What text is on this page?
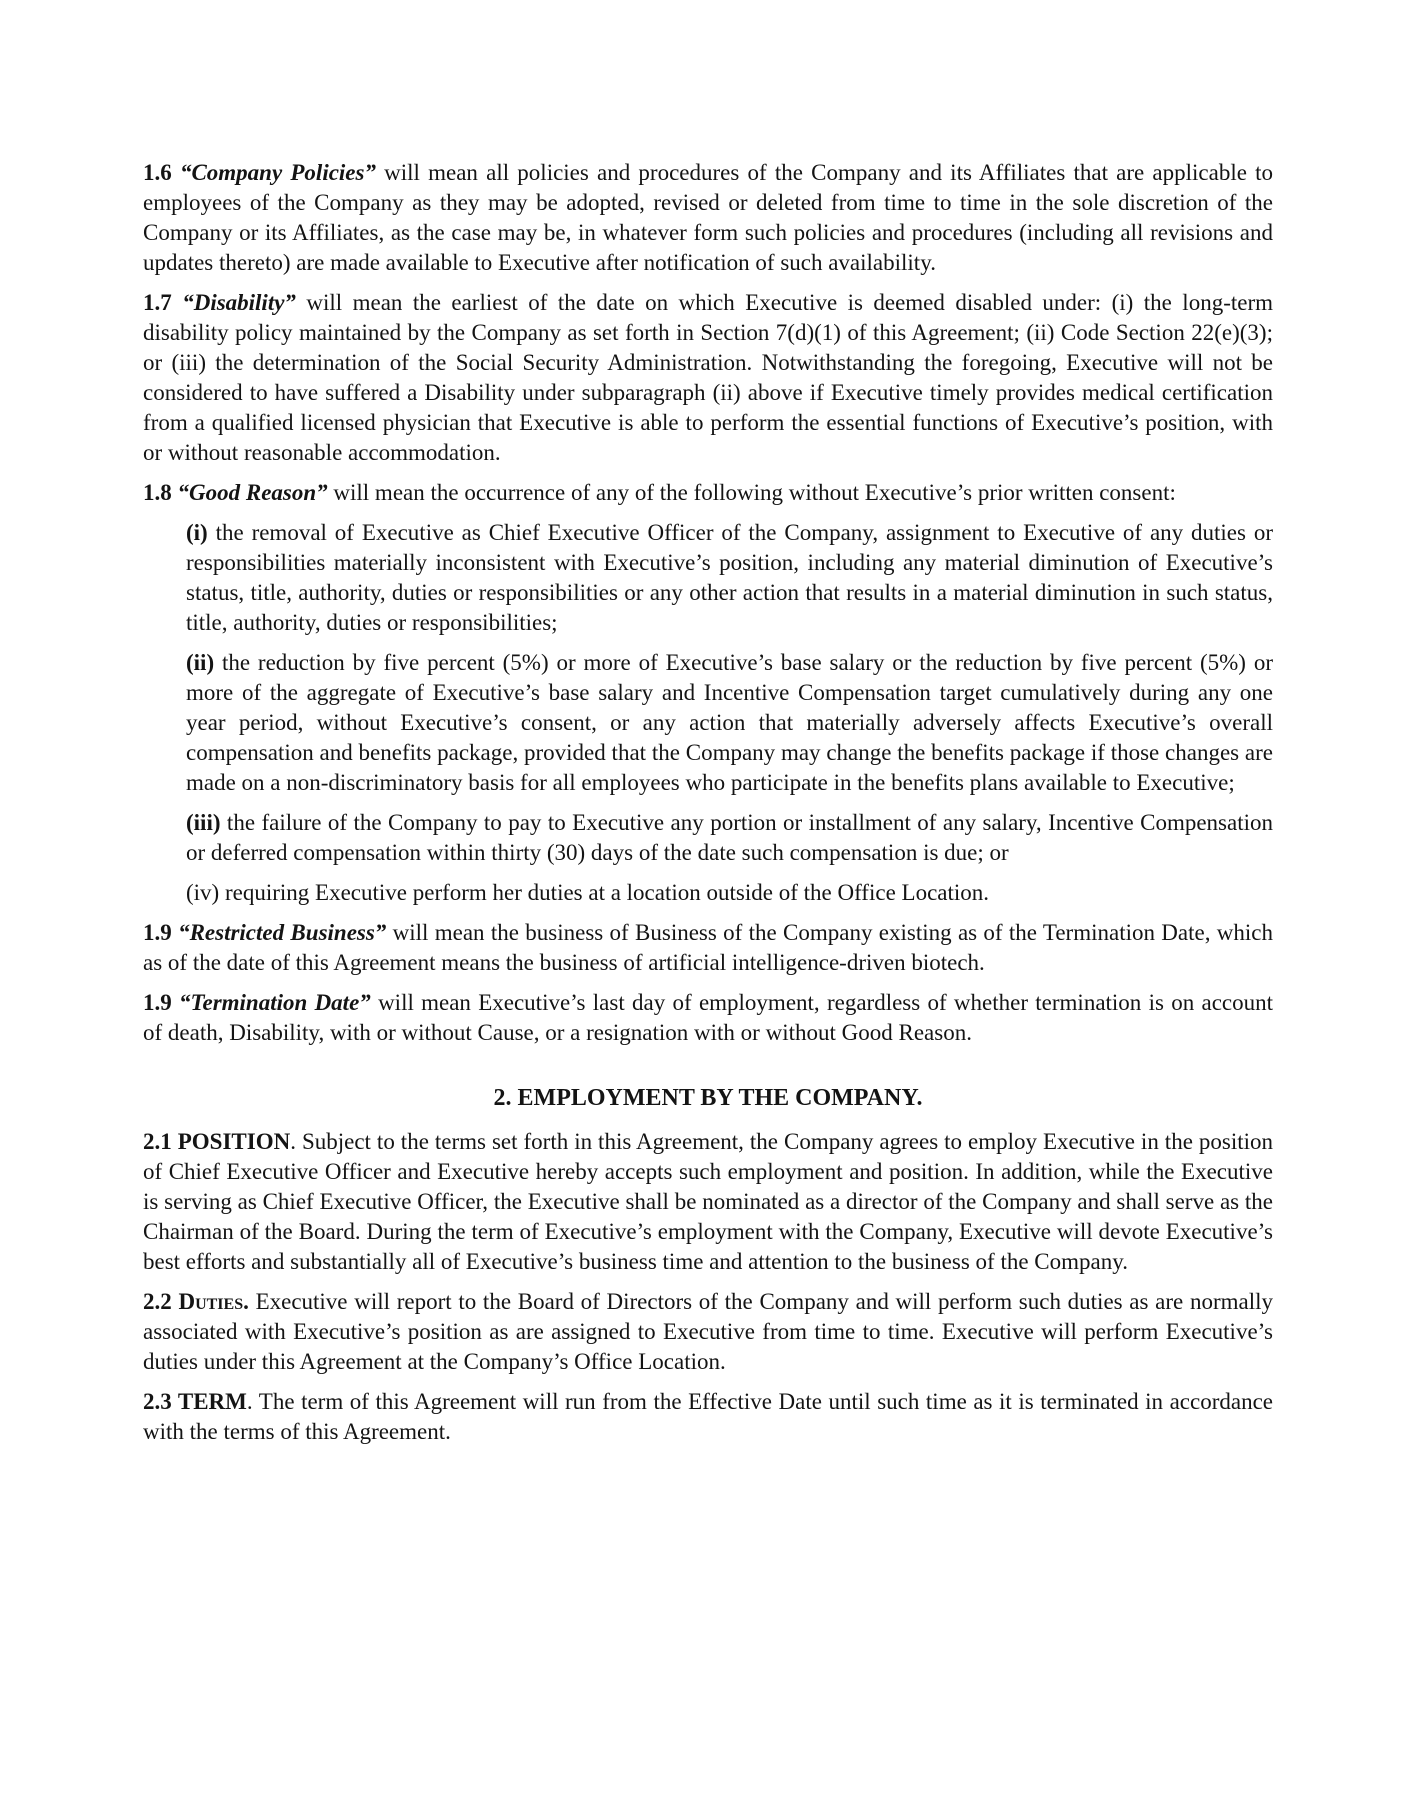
1.6 “Company Policies” will mean all policies and procedures of the Company and its Affiliates that are applicable to employees of the Company as they may be adopted, revised or deleted from time to time in the sole discretion of the Company or its Affiliates, as the case may be, in whatever form such policies and procedures (including all revisions and updates thereto) are made available to Executive after notification of such availability.

1.7 “Disability” will mean the earliest of the date on which Executive is deemed disabled under: (i) the long-term disability policy maintained by the Company as set forth in Section 7(d)(1) of this Agreement; (ii) Code Section 22(e)(3); or (iii) the determination of the Social Security Administration. Notwithstanding the foregoing, Executive will not be considered to have suffered a Disability under subparagraph (ii) above if Executive timely provides medical certification from a qualified licensed physician that Executive is able to perform the essential functions of Executive’s position, with or without reasonable accommodation.

1.8 “Good Reason” will mean the occurrence of any of the following without Executive’s prior written consent:

(i) the removal of Executive as Chief Executive Officer of the Company, assignment to Executive of any duties or responsibilities materially inconsistent with Executive’s position, including any material diminution of Executive’s status, title, authority, duties or responsibilities or any other action that results in a material diminution in such status, title, authority, duties or responsibilities;

(ii) the reduction by five percent (5%) or more of Executive’s base salary or the reduction by five percent (5%) or more of the aggregate of Executive’s base salary and Incentive Compensation target cumulatively during any one year period, without Executive’s consent, or any action that materially adversely affects Executive’s overall compensation and benefits package, provided that the Company may change the benefits package if those changes are made on a non-discriminatory basis for all employees who participate in the benefits plans available to Executive;

(iii) the failure of the Company to pay to Executive any portion or installment of any salary, Incentive Compensation or deferred compensation within thirty (30) days of the date such compensation is due; or

(iv) requiring Executive perform her duties at a location outside of the Office Location.

1.9 “Restricted Business” will mean the business of Business of the Company existing as of the Termination Date, which as of the date of this Agreement means the business of artificial intelligence-driven biotech.

1.9 “Termination Date” will mean Executive’s last day of employment, regardless of whether termination is on account of death, Disability, with or without Cause, or a resignation with or without Good Reason.

2. EMPLOYMENT BY THE COMPANY.

2.1 POSITION. Subject to the terms set forth in this Agreement, the Company agrees to employ Executive in the position of Chief Executive Officer and Executive hereby accepts such employment and position. In addition, while the Executive is serving as Chief Executive Officer, the Executive shall be nominated as a director of the Company and shall serve as the Chairman of the Board. During the term of Executive’s employment with the Company, Executive will devote Executive’s best efforts and substantially all of Executive’s business time and attention to the business of the Company.

2.2 Duties. Executive will report to the Board of Directors of the Company and will perform such duties as are normally associated with Executive’s position as are assigned to Executive from time to time. Executive will perform Executive’s duties under this Agreement at the Company’s Office Location.

2.3 TERM. The term of this Agreement will run from the Effective Date until such time as it is terminated in accordance with the terms of this Agreement.
